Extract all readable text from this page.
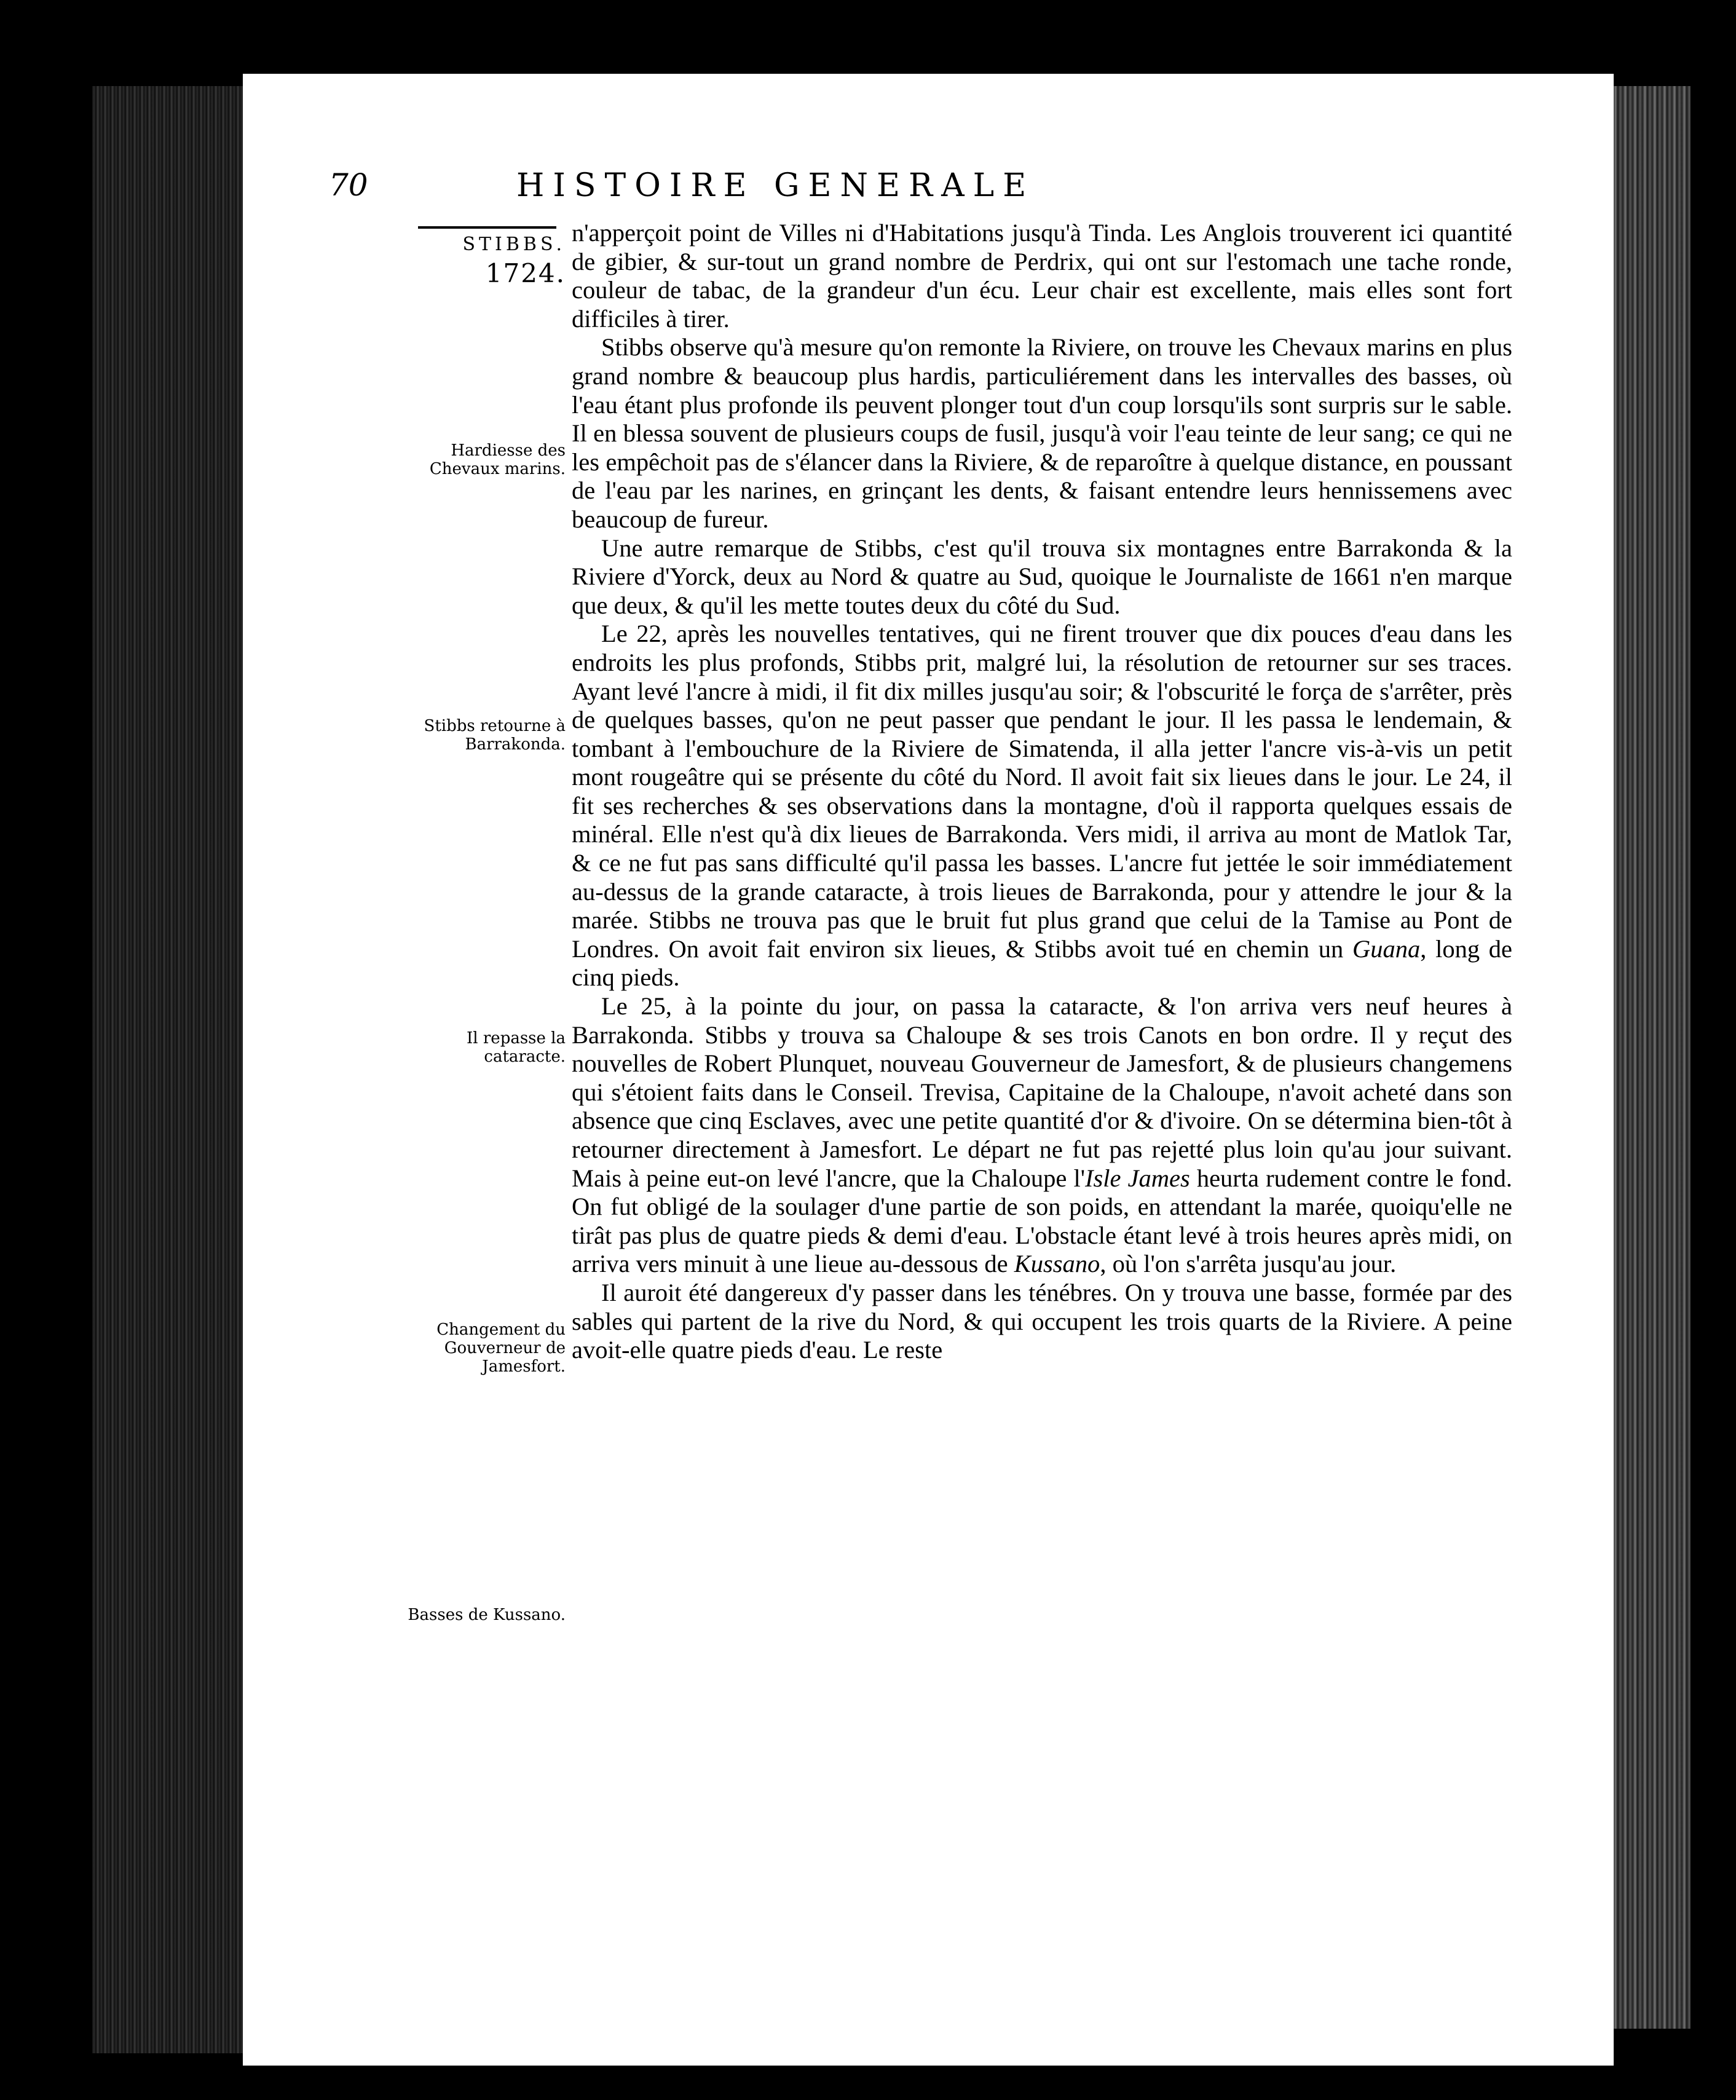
70	HISTOIRE GENERALE
STIBBS.
1724.
Hardiesse des Chevaux marins.
Stibbs retourne à Barrakonda.
Il repasse la cataracte.
Changement du Gouverneur de Jamesfort.
Basses de Kussano.

n'apperçoit point de Villes ni d'Habitations jusqu'à Tinda. Les Anglois trouverent ici quantité de gibier, & sur-tout un grand nombre de Perdrix, qui ont sur l'estomach une tache ronde, couleur de tabac, de la grandeur d'un écu. Leur chair est excellente, mais elles sont fort difficiles à tirer.

Stibbs observe qu'à mesure qu'on remonte la Riviere, on trouve les Chevaux marins en plus grand nombre & beaucoup plus hardis, particuliérement dans les intervalles des basses, où l'eau étant plus profonde ils peuvent plonger tout d'un coup lorsqu'ils sont surpris sur le sable. Il en blessa souvent de plusieurs coups de fusil, jusqu'à voir l'eau teinte de leur sang; ce qui ne les empêchoit pas de s'élancer dans la Riviere, & de reparoître à quelque distance, en poussant de l'eau par les narines, en grinçant les dents, & faisant entendre leurs hennissemens avec beaucoup de fureur.

Une autre remarque de Stibbs, c'est qu'il trouva six montagnes entre Barrakonda & la Riviere d'Yorck, deux au Nord & quatre au Sud, quoique le Journaliste de 1661 n'en marque que deux, & qu'il les mette toutes deux du côté du Sud.

Le 22, après les nouvelles tentatives, qui ne firent trouver que dix pouces d'eau dans les endroits les plus profonds, Stibbs prit, malgré lui, la résolution de retourner sur ses traces. Ayant levé l'ancre à midi, il fit dix milles jusqu'au soir; & l'obscurité le força de s'arrêter, près de quelques basses, qu'on ne peut passer que pendant le jour. Il les passa le lendemain, & tombant à l'embouchure de la Riviere de Simatenda, il alla jetter l'ancre vis-à-vis un petit mont rougeâtre qui se présente du côté du Nord. Il avoit fait six lieues dans le jour. Le 24, il fit ses recherches & ses observations dans la montagne, d'où il rapporta quelques essais de minéral. Elle n'est qu'à dix lieues de Barrakonda. Vers midi, il arriva au mont de Matlok Tar, & ce ne fut pas sans difficulté qu'il passa les basses. L'ancre fut jettée le soir immédiatement au-dessus de la grande cataracte, à trois lieues de Barrakonda, pour y attendre le jour & la marée. Stibbs ne trouva pas que le bruit fut plus grand que celui de la Tamise au Pont de Londres. On avoit fait environ six lieues, & Stibbs avoit tué en chemin un Guana, long de cinq pieds.

Le 25, à la pointe du jour, on passa la cataracte, & l'on arriva vers neuf heures à Barrakonda. Stibbs y trouva sa Chaloupe & ses trois Canots en bon ordre. Il y reçut des nouvelles de Robert Plunquet, nouveau Gouverneur de Jamesfort, & de plusieurs changemens qui s'étoient faits dans le Conseil. Trevisa, Capitaine de la Chaloupe, n'avoit acheté dans son absence que cinq Esclaves, avec une petite quantité d'or & d'ivoire. On se détermina bien-tôt à retourner directement à Jamesfort. Le départ ne fut pas rejetté plus loin qu'au jour suivant. Mais à peine eut-on levé l'ancre, que la Chaloupe l'Isle James heurta rudement contre le fond. On fut obligé de la soulager d'une partie de son poids, en attendant la marée, quoiqu'elle ne tirât pas plus de quatre pieds & demi d'eau. L'obstacle étant levé à trois heures après midi, on arriva vers minuit à une lieue au-dessous de Kussano, où l'on s'arrêta jusqu'au jour.

Il auroit été dangereux d'y passer dans les ténébres. On y trouva une basse, formée par des sables qui partent de la rive du Nord, & qui occupent les trois quarts de la Riviere. A peine avoit-elle quatre pieds d'eau. Le reste
